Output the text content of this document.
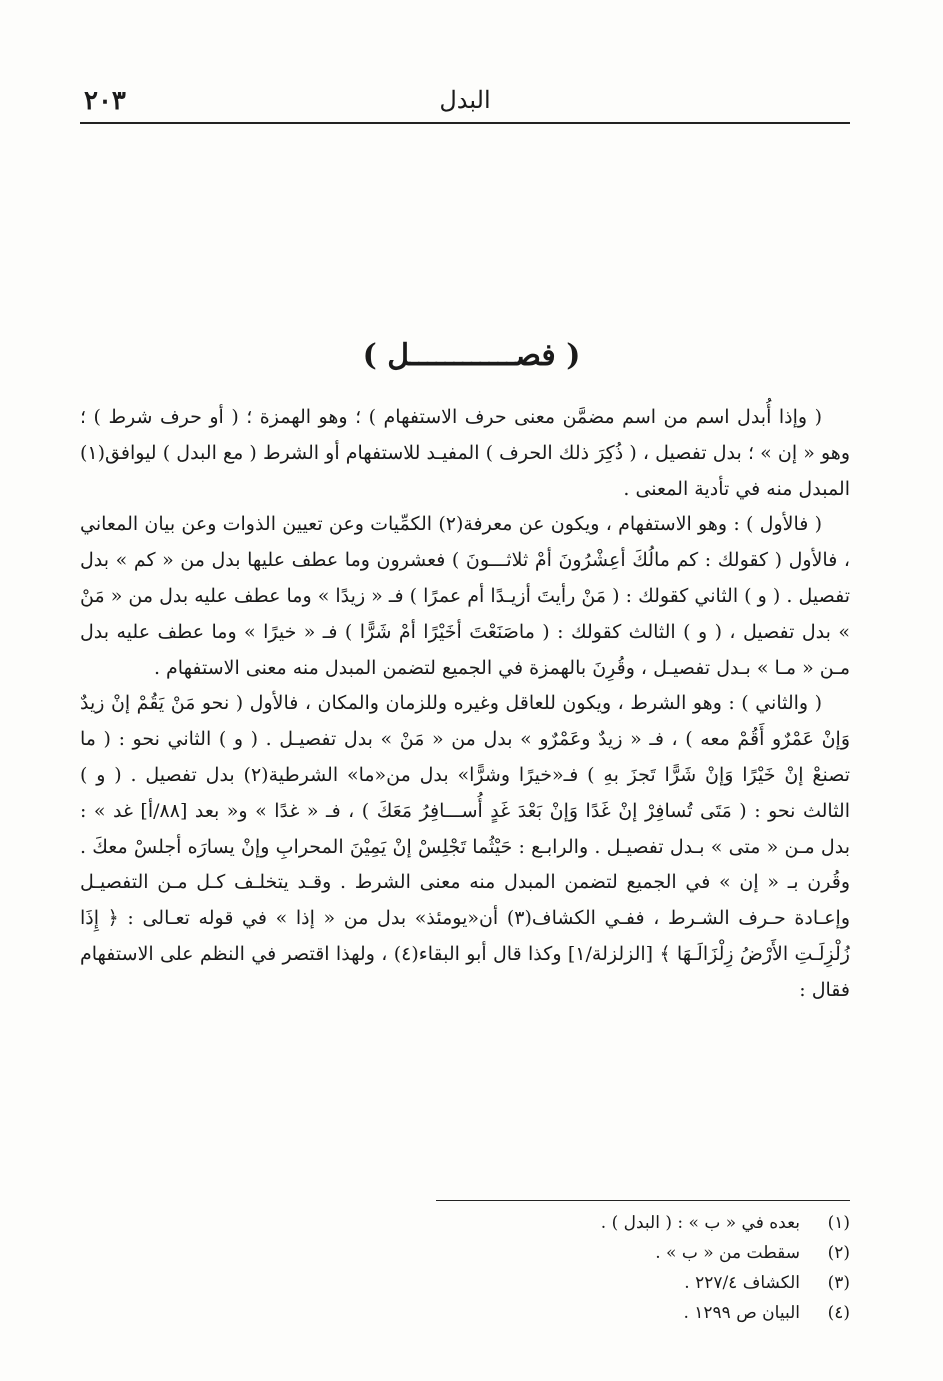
٢٠٣	البدل
( فصــــــــــــل )

( وإذا أُبدل اسم من اسم مضمَّن معنى حرف الاستفهام ) ؛ وهو الهمزة ؛ ( أو حرف شرط ) ؛ وهو « إن » ؛ بدل تفصيل ، ( ذُكِرَ ذلك الحرف ) المفيـد للاستفهام أو الشرط ( مع البدل ) ليوافق(١) المبدل منه في تأدية المعنى .

( فالأول ) : وهو الاستفهام ، ويكون عن معرفة(٢) الكمِّيات وعن تعيين الذوات وعن بيان المعاني ، فالأول ( كقولك : كم مالُكَ أعِشْرُونَ أمْ ثلاثـــونَ ) فعشرون وما عطف عليها بدل من « كم » بدل تفصيل . ( و ) الثاني كقولك : ( مَنْ رأيتَ أزيـدًا أم عمرًا ) فـ « زيدًا » وما عطف عليه بدل من « مَنْ » بدل تفصيل ، ( و ) الثالث كقولك : ( ماصَنَعْتَ أخَيْرًا أمْ شَرًّا ) فـ « خيرًا » وما عطف عليه بدل مـن « مـا » بـدل تفصيـل ، وقُرِنَ بالهمزة في الجميع لتضمن المبدل منه معنى الاستفهام .

( والثاني ) : وهو الشرط ، ويكون للعاقل وغيره وللزمان والمكان ، فالأول ( نحو مَنْ يَقُمْ إنْ زيدٌ وَإنْ عَمْرٌو أَقُمْ معه ) ، فـ « زيدٌ وعَمْرٌو » بدل من « مَنْ » بدل تفصيـل . ( و ) الثاني نحو : ( ما تصنعْ إنْ خَيْرًا وَإنْ شَرًّا تَجزَ بهِ ) فـ«خيرًا وشرًّا» بدل من«ما» الشرطية(٢) بدل تفصيل . ( و ) الثالث نحو : ( مَتَى تُسافِرْ إنْ غَدًا وَإنْ بَعْدَ غَدٍ أُســـافِرُ مَعَكَ ) ، فـ « غدًا » و« بعد [٨٨/أ] غد » : بدل مـن « متى » بـدل تفصيـل . والرابـع : حَيْثُما تَجْلِسْ إنْ يَمِيْنَ المحرابِ وإنْ يسارَه أجلسْ معكَ . وقُرن بـ « إن » في الجميع لتضمن المبدل منه معنى الشرط . وقـد يتخلـف كـل مـن التفصيـل وإعـادة حـرف الشـرط ، ففـي الكشاف(٣) أن«يومئذ» بدل من « إذا » في قوله تعـالى : ﴿ إِذَا زُلْزِلَـتِ الأَرْضُ زِلْزَالَـهَا ﴾ [الزلزلة/١] وكذا قال أبو البقاء(٤) ، ولهذا اقتصر في النظم على الاستفهام فقال :

(١)
بعده في « ب » : ( البدل ) .
(٢)
سقطت من « ب » .
(٣)
الكشاف ٢٢٧/٤ .
(٤)
البيان ص ١٢٩٩ .
